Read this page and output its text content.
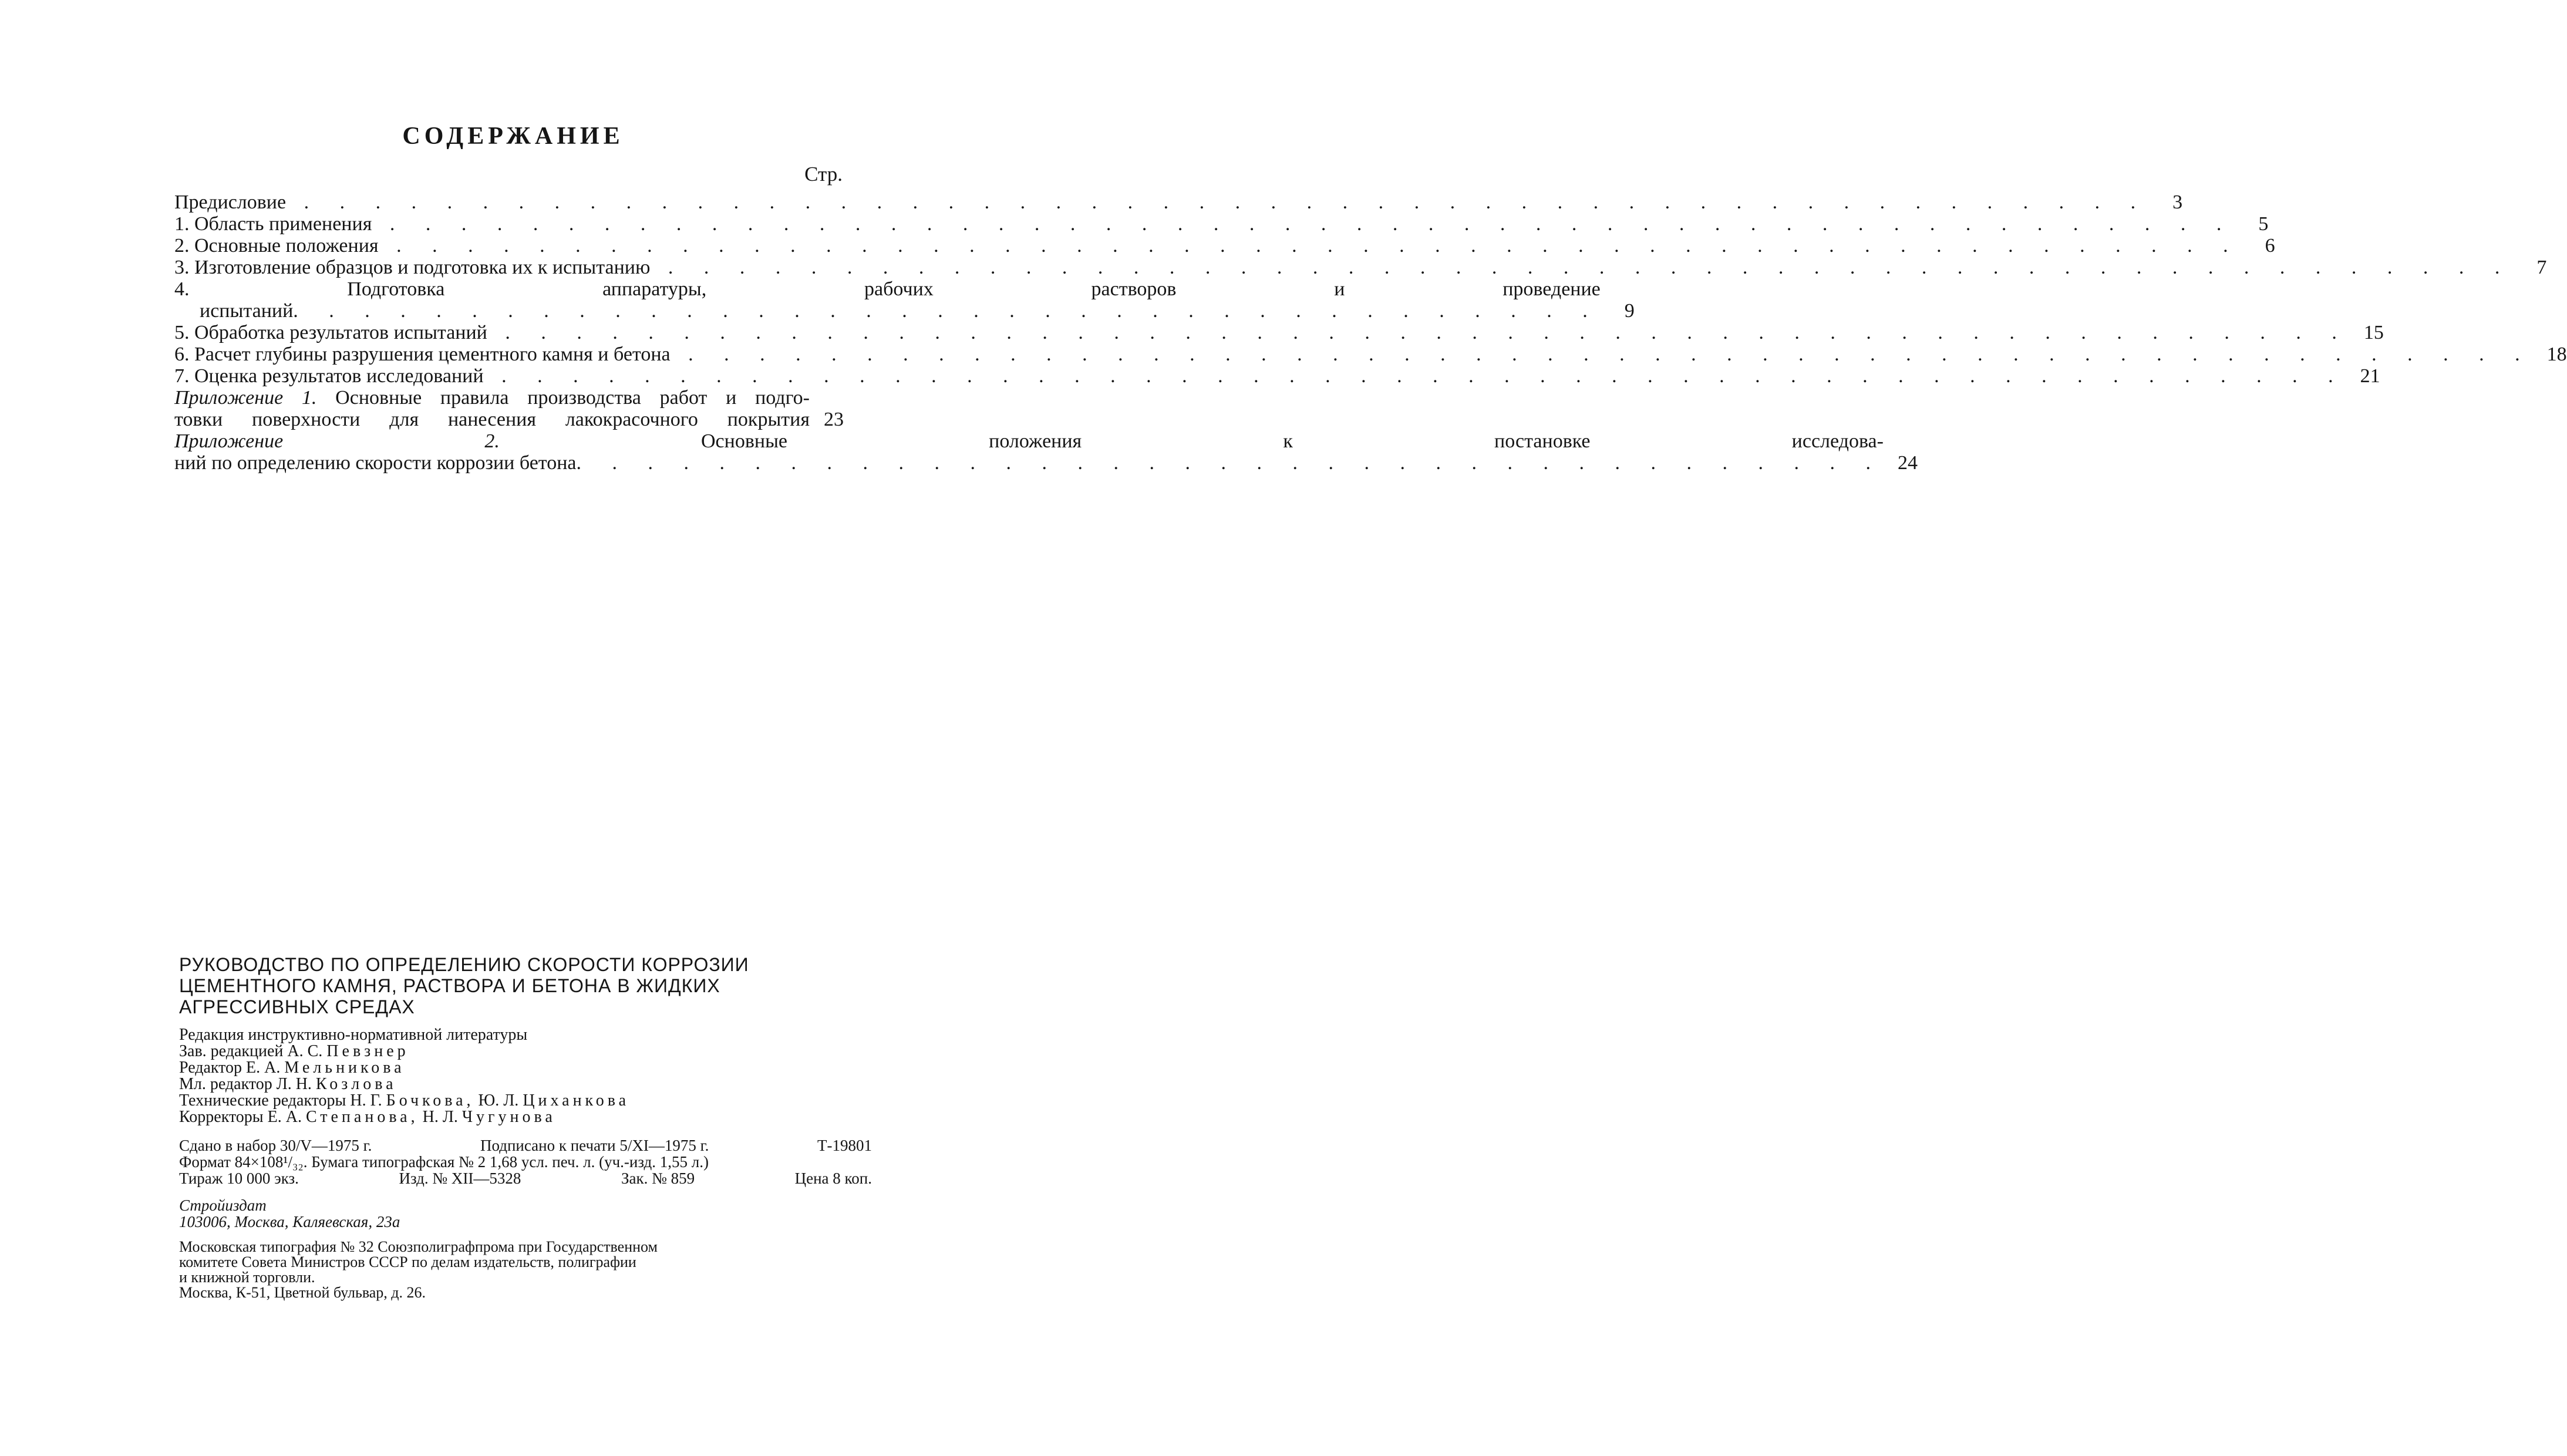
СОДЕРЖАНИЕ
Стр.
Предисловие . . .	3
1. Область применения . . .	5
2. Основные положения . . .	6
3. Изготовление образцов и подготовка их к испытанию . . .	7
4. Подготовка аппаратуры, рабочих растворов и проведение
испытаний . . .	9
5. Обработка результатов испытаний . . .	15
6. Расчет глубины разрушения цементного камня и бетона . . .	18
7. Оценка результатов исследований . . .	21
Приложение 1. Основные правила производства работ и подго-
товки поверхности для нанесения лакокрасочного покрытия 23
Приложение 2.	Основные положения к постановке исследова-
ний по определению скорости коррозии бетона . . .	24
РУКОВОДСТВО ПО ОПРЕДЕЛЕНИЮ СКОРОСТИ КОРРОЗИИ
ЦЕМЕНТНОГО КАМНЯ, РАСТВОРА И БЕТОНА В ЖИДКИХ
АГРЕССИВНЫХ СРЕДАХ
Редакция инструктивно-нормативной литературы
Зав. редакцией А. С. Певзнер
Редактор Е. А. Мельникова
Мл. редактор Л. Н. Козлова
Технические редакторы Н. Г. Бочкова, Ю. Л. Циханкова
Корректоры Е. А. Степанова, Н. Л. Чугунова
Сдано в набор 30/V—1975 г.	Подписано к печати 5/XI—1975 г.	Т-19801
Формат 84×108¹/₃₂. Бумага типографская № 2 1,68 усл. печ. л. (уч.-изд. 1,55 л.)
Тираж 10 000 экз.	Изд. № XII—5328	Зак. № 859	Цена 8 коп.
Стройиздат
103006, Москва, Каляевская, 23а
Московская типография № 32 Союзполиграфпрома при Государственном
комитете Совета Министров СССР по делам издательств, полиграфии
и книжной торговли.
Москва, К-51, Цветной бульвар, д. 26.
